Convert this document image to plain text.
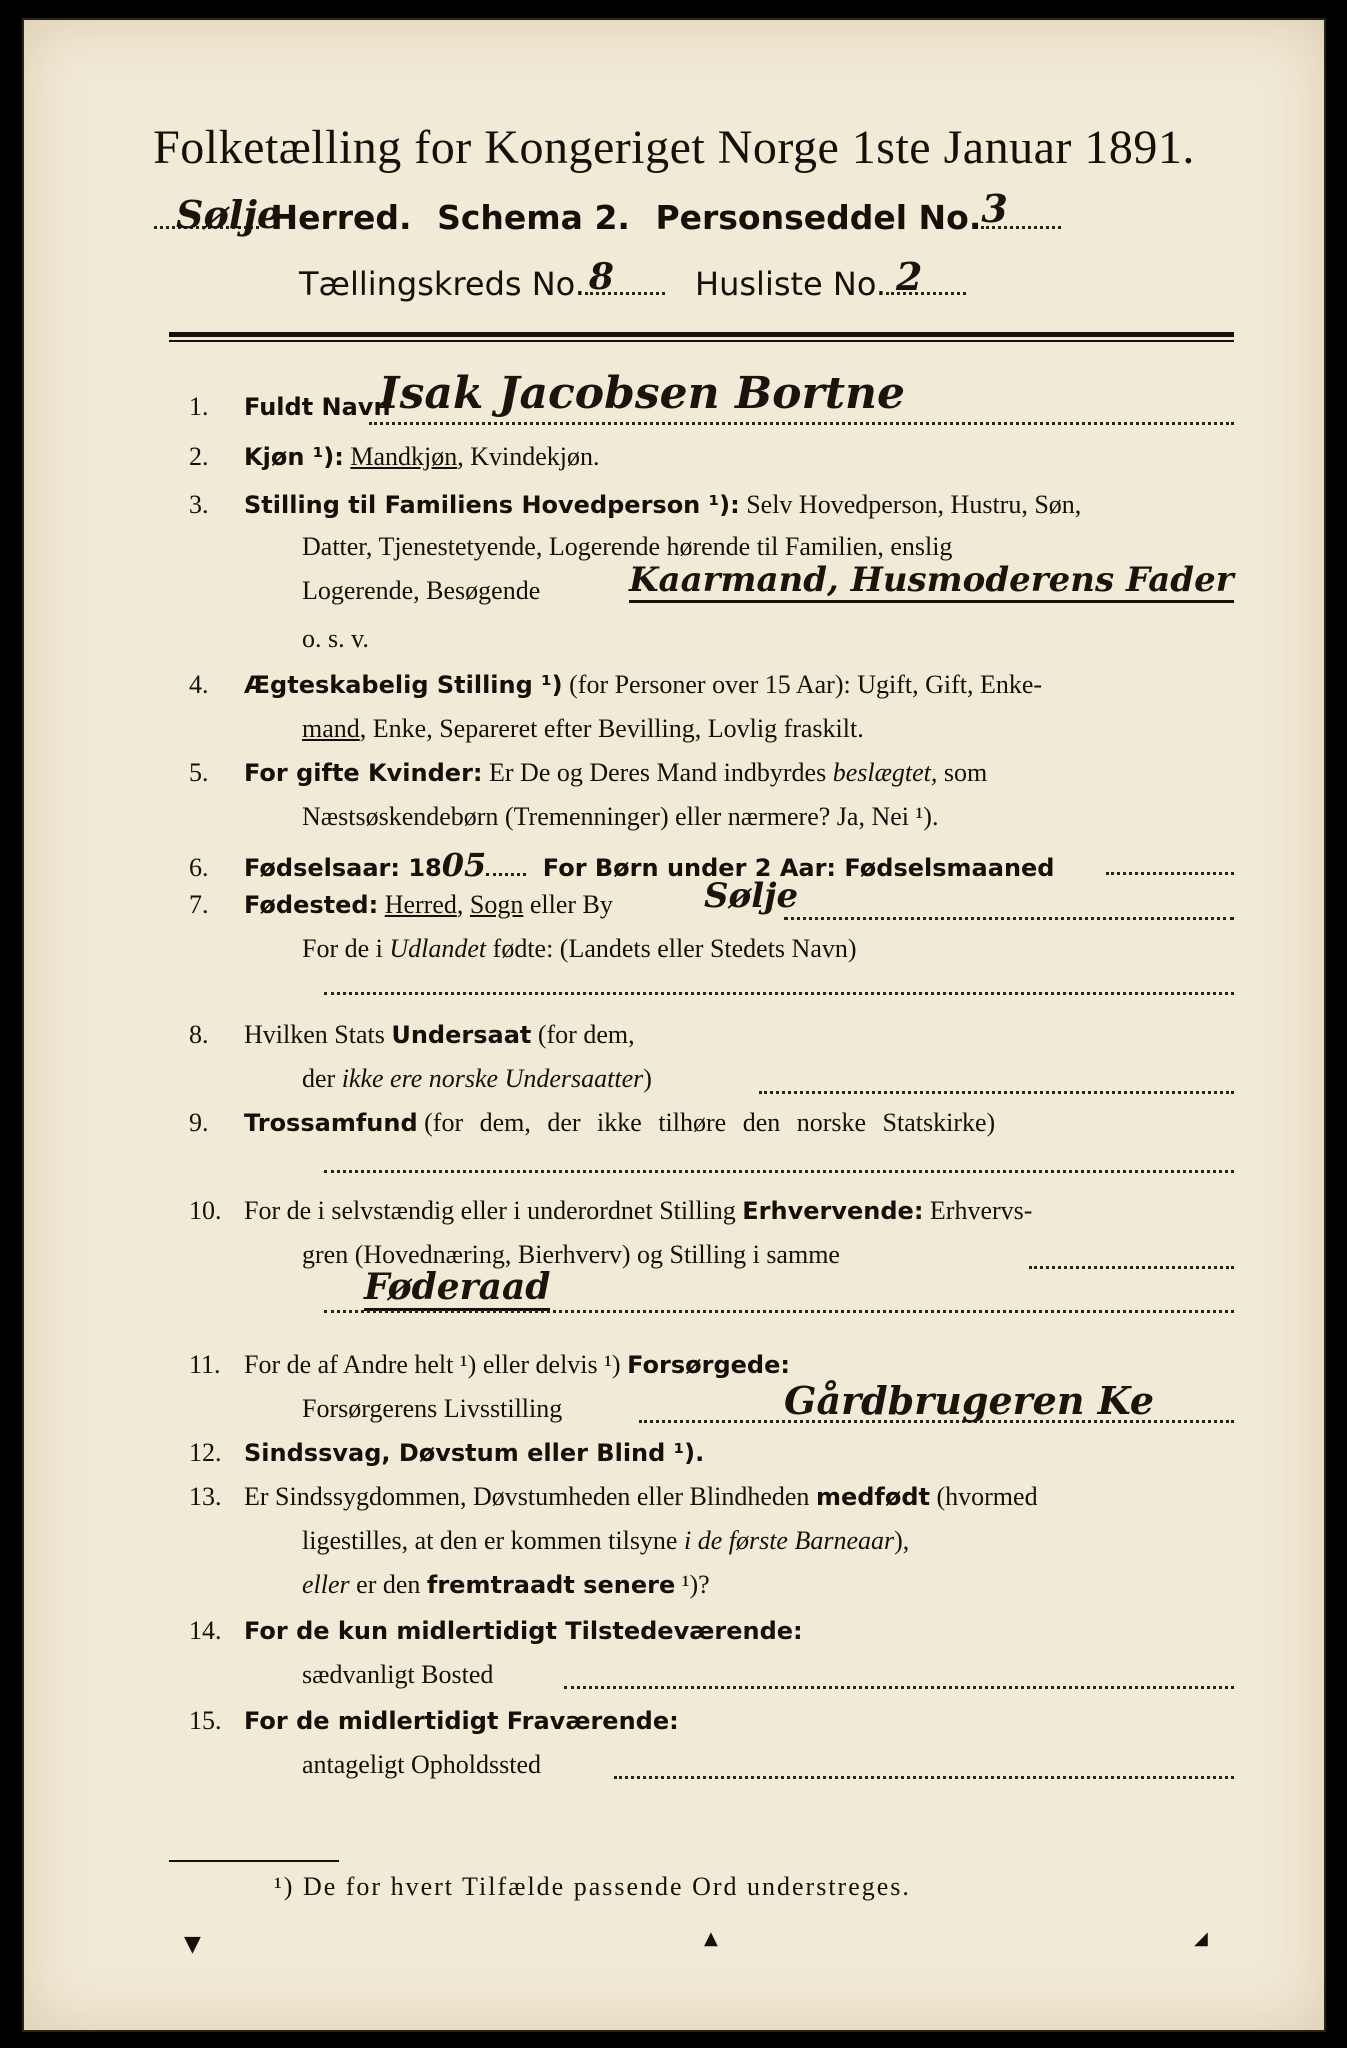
Folketælling for Kongeriget Norge 1ste Januar 1891.
Sølje
Herred. Schema 2. Personseddel No. 3
Tællingskreds No. 8	Husliste No. 2
1. Fuldt Navn
Isak Jacobsen Bortne
2. Kjøn ¹): Mandkjøn, Kvindekjøn.
3. Stilling til Familiens Hovedperson ¹): Selv Hovedperson, Hustru, Søn,
Datter, Tjenestetyende, Logerende hørende til Familien, enslig
Logerende, Besøgende	Kaarmand, Husmoderens Fader
o. s. v.
4. Ægteskabelig Stilling ¹) (for Personer over 15 Aar): Ugift, Gift, Enke-
mand, Enke, Separeret efter Bevilling, Lovlig fraskilt.
5. For gifte Kvinder: Er De og Deres Mand indbyrdes beslægtet, som
Næstsøskendebørn (Tremenninger) eller nærmere? Ja, Nei ¹).
6. Fødselsaar: 1805 For Børn under 2 Aar: Fødselsmaaned
7. Fødested: Herred, Sogn eller By	Sølje
For de i Udlandet fødte: (Landets eller Stedets Navn)
8. Hvilken Stats Undersaat (for dem,
der ikke ere norske Undersaatter)
9. Trossamfund (for dem, der ikke tilhøre den norske Statskirke)
10. For de i selvstændig eller i underordnet Stilling Erhvervende: Erhvervs-
gren (Hovednæring, Bierhverv) og Stilling i samme
Føderaad
11. For de af Andre helt ¹) eller delvis ¹) Forsørgede:
Forsørgerens Livsstilling	Gårdbrugeren Ke
12. Sindssvag, Døvstum eller Blind ¹).
13. Er Sindssygdommen, Døvstumheden eller Blindheden medfødt (hvormed
ligestilles, at den er kommen tilsyne i de første Barneaar),
eller er den fremtraadt senere ¹)?
14. For de kun midlertidigt Tilstedeværende:
sædvanligt Bosted
15. For de midlertidigt Fraværende:
antageligt Opholdssted
¹) De for hvert Tilfælde passende Ord understreges.
▼	▲	◢
